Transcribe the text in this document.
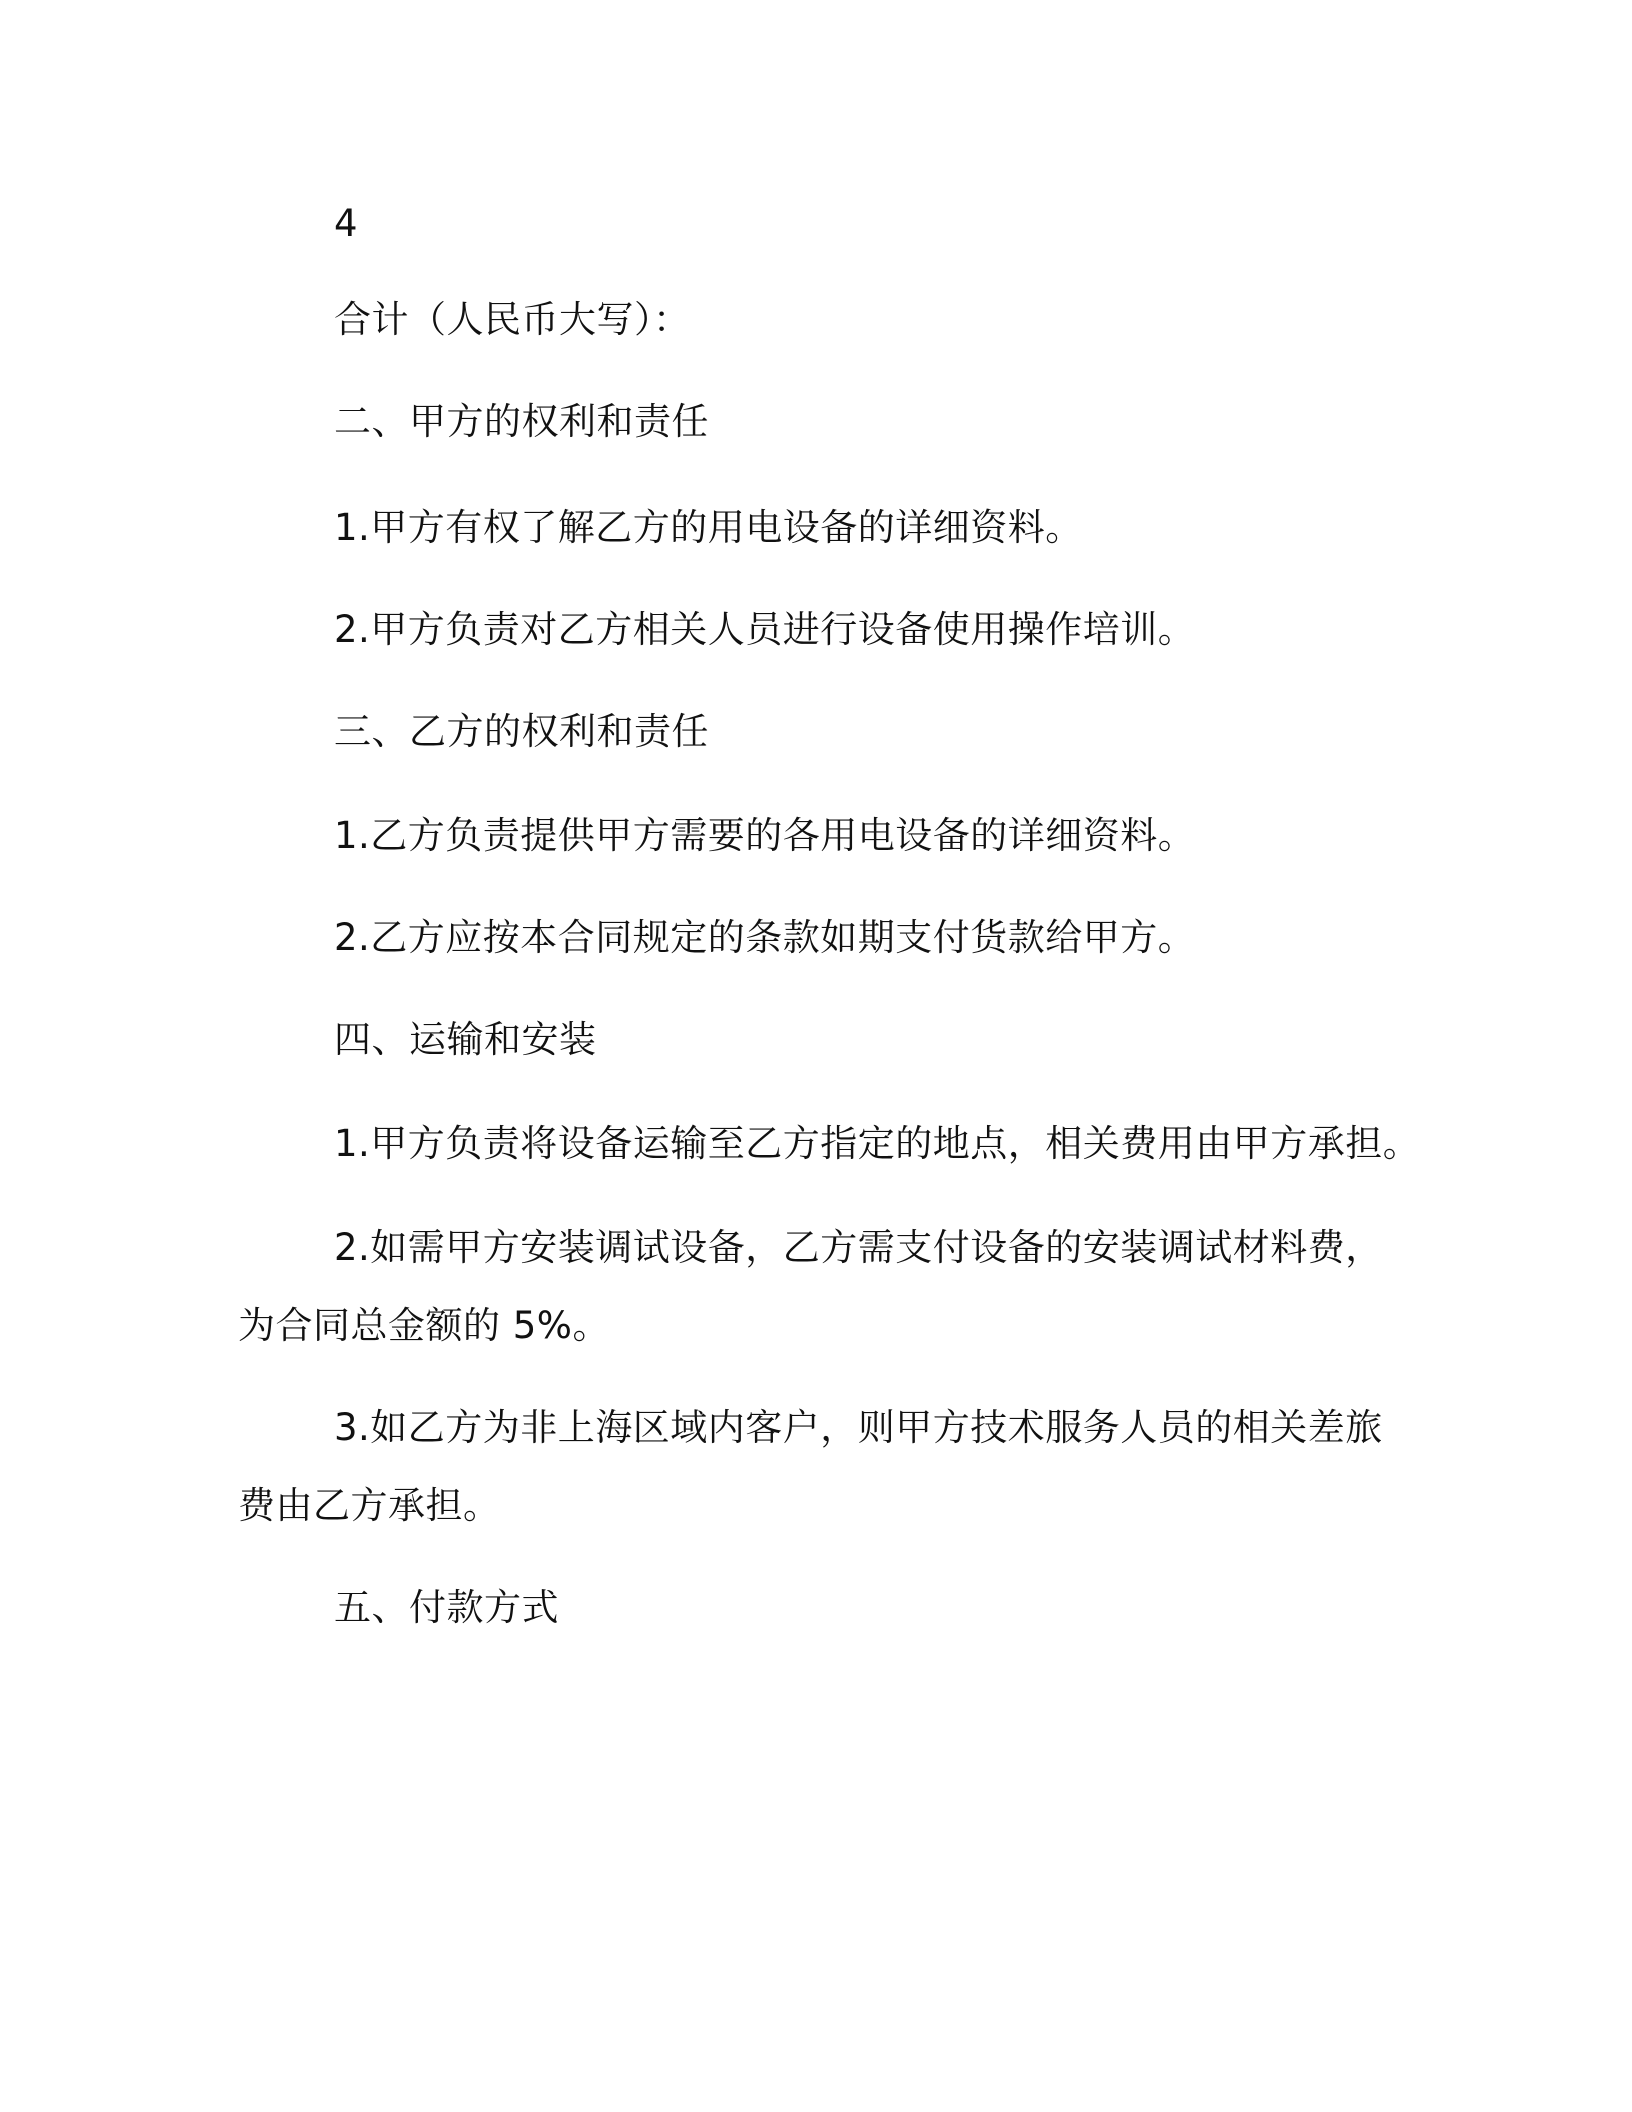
4
合计（人民币大写）：
二、甲方的权利和责任
1.甲方有权了解乙方的用电设备的详细资料。
2.甲方负责对乙方相关人员进行设备使用操作培训。
三、乙方的权利和责任
1.乙方负责提供甲方需要的各用电设备的详细资料。
2.乙方应按本合同规定的条款如期支付货款给甲方。
四、运输和安装
1.甲方负责将设备运输至乙方指定的地点，相关费用由甲方承担。
2.如需甲方安装调试设备，乙方需支付设备的安装调试材料费，
为合同总金额的 5%。
3.如乙方为非上海区域内客户，则甲方技术服务人员的相关差旅
费由乙方承担。
五、付款方式
